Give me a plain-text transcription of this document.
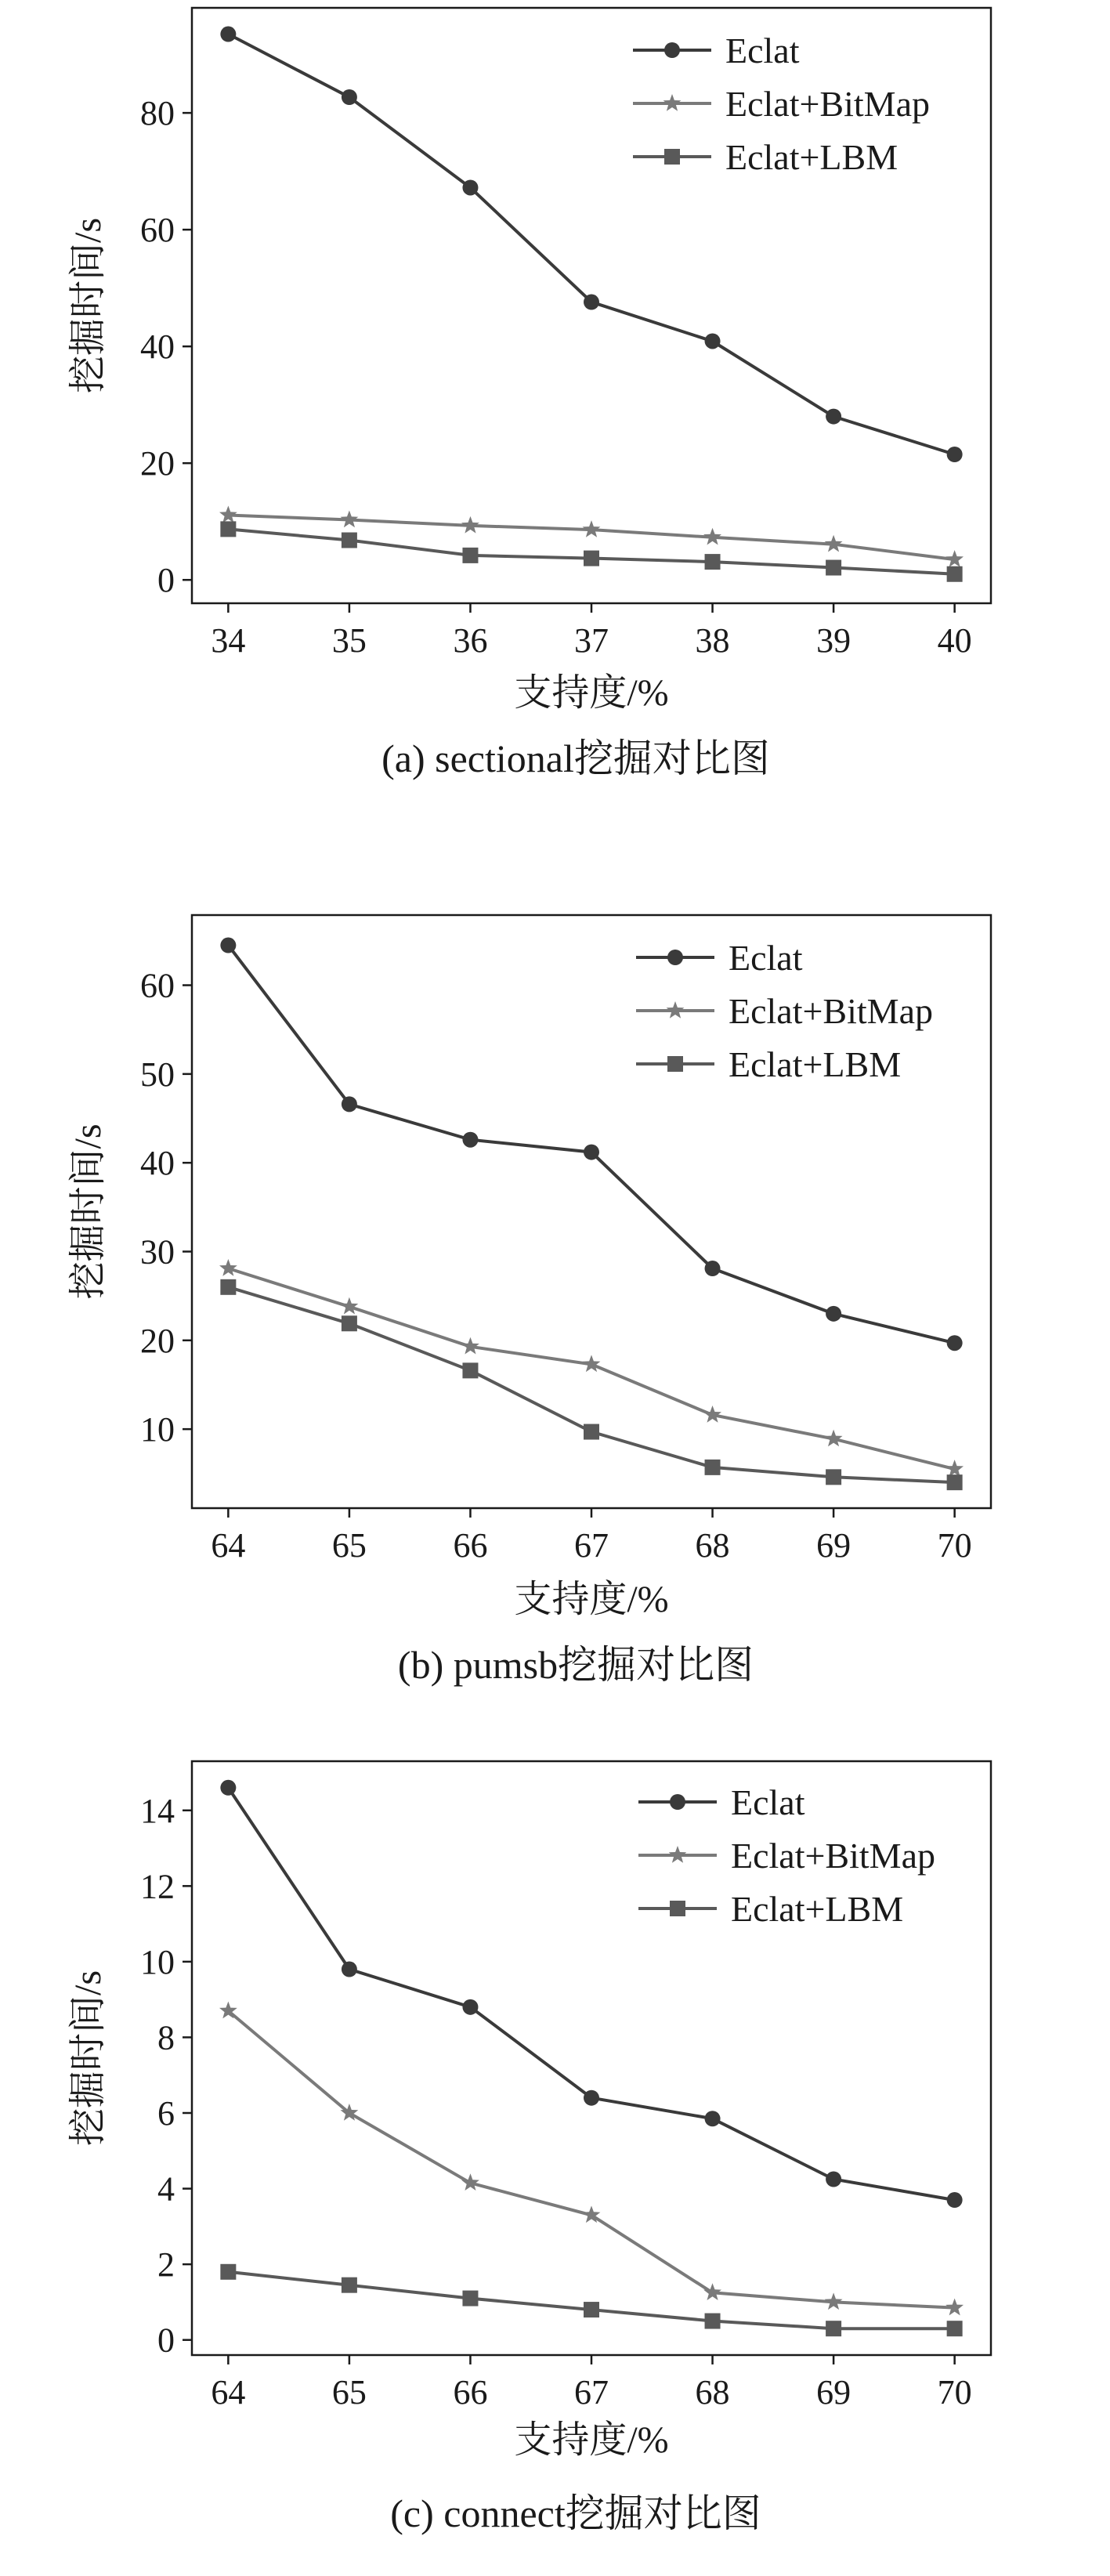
34	35	36	37	38	39	40
0
20
40
60
80
支持度/%
挖掘时间/s
(a) sectional挖掘对比图
Eclat
Eclat+BitMap
Eclat+LBM
64	65	66	67	68	69	70
10
20
30
40
50
60
支持度/%
挖掘时间/s
(b) pumsb挖掘对比图
Eclat
Eclat+BitMap
Eclat+LBM
64	65	66	67	68	69	70
0
2
4
6
8
10
12
14
支持度/%
挖掘时间/s
(c) connect挖掘对比图
Eclat
Eclat+BitMap
Eclat+LBM
